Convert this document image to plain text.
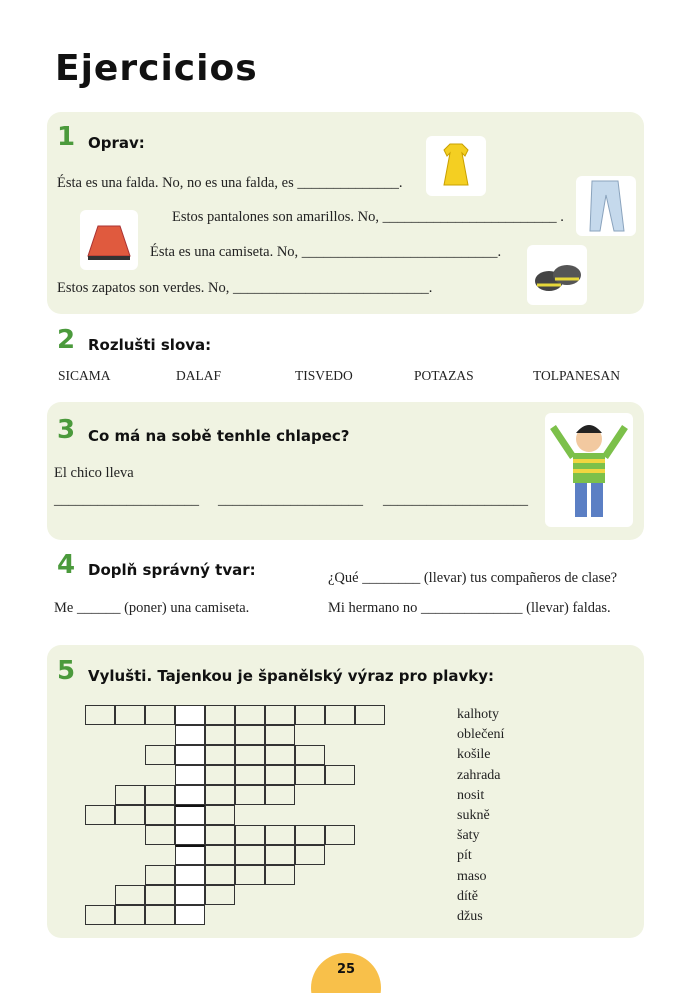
Ejercicios
1 Oprav:
Ésta es una falda. No, no es una falda, es ______________.
Estos pantalones son amarillos. No, ________________________ .
Ésta es una camiseta. No, ___________________________.
Estos zapatos son verdes. No, ___________________________.
2 Rozlušti slova:
SICAMA	DALAF	TISVEDO	POTAZAS	TOLPANESAN
3 Co má na sobě tenhle chlapec?
El chico lleva
____________________ ____________________ ____________________
4 Doplň správný tvar:	¿Qué ________ (llevar) tus compañeros de clase?
Me ______ (poner) una camiseta.	Mi hermano no ______________ (llevar) faldas.
5 Vylušti. Tajenkou je španělský výraz pro plavky:
kalhoty
oblečení
košile
zahrada
nosit
sukně
šaty
pít
maso
dítě
džus
25
